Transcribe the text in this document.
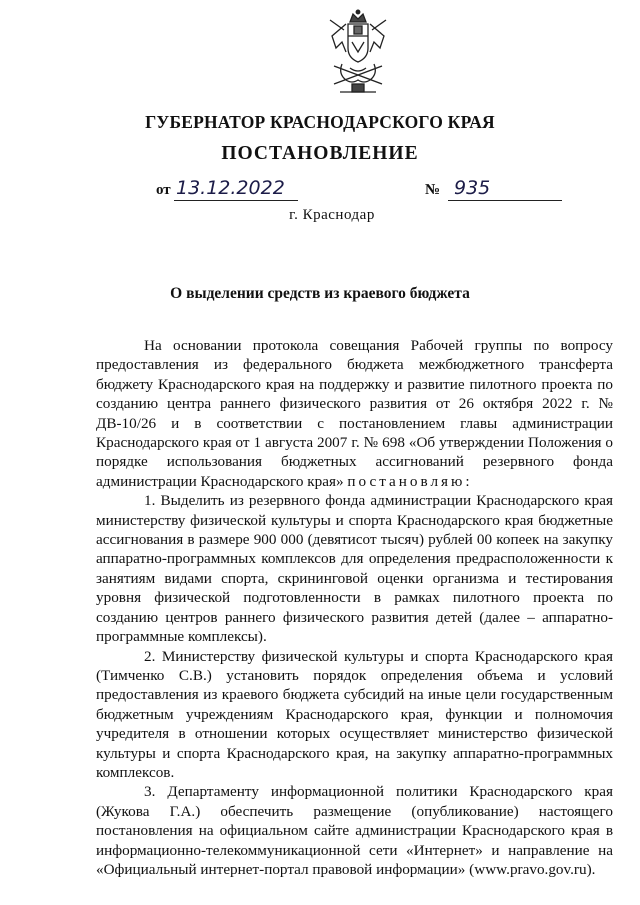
ГУБЕРНАТОР КРАСНОДАРСКОГО КРАЯ
ПОСТАНОВЛЕНИЕ
от 13.12.2022	№ 935
г. Краснодар
О выделении средств из краевого бюджета

На основании протокола совещания Рабочей группы по вопросу предоставления из федерального бюджета межбюджетного трансферта бюджету Краснодарского края на поддержку и развитие пилотного проекта по созданию центра раннего физического развития от 26 октября 2022 г. № ДВ-10/26 и в соответствии с постановлением главы администрации Краснодарского края от 1 августа 2007 г. № 698 «Об утверждении Положения о порядке использования бюджетных ассигнований резервного фонда администрации Краснодарского края» постановляю:

1. Выделить из резервного фонда администрации Краснодарского края министерству физической культуры и спорта Краснодарского края бюджетные ассигнования в размере 900 000 (девятисот тысяч) рублей 00 копеек на закупку аппаратно-программных комплексов для определения предрасположенности к занятиям видами спорта, скрининговой оценки организма и тестирования уровня физической подготовленности в рамках пилотного проекта по созданию центров раннего физического развития детей (далее – аппаратно-программные комплексы).

2. Министерству физической культуры и спорта Краснодарского края (Тимченко С.В.) установить порядок определения объема и условий предоставления из краевого бюджета субсидий на иные цели государственным бюджетным учреждениям Краснодарского края, функции и полномочия учредителя в отношении которых осуществляет министерство физической культуры и спорта Краснодарского края, на закупку аппаратно-программных комплексов.

3. Департаменту информационной политики Краснодарского края (Жукова Г.А.) обеспечить размещение (опубликование) настоящего постановления на официальном сайте администрации Краснодарского края в информационно-телекоммуникационной сети «Интернет» и направление на «Официальный интернет-портал правовой информации» (www.pravo.gov.ru).
